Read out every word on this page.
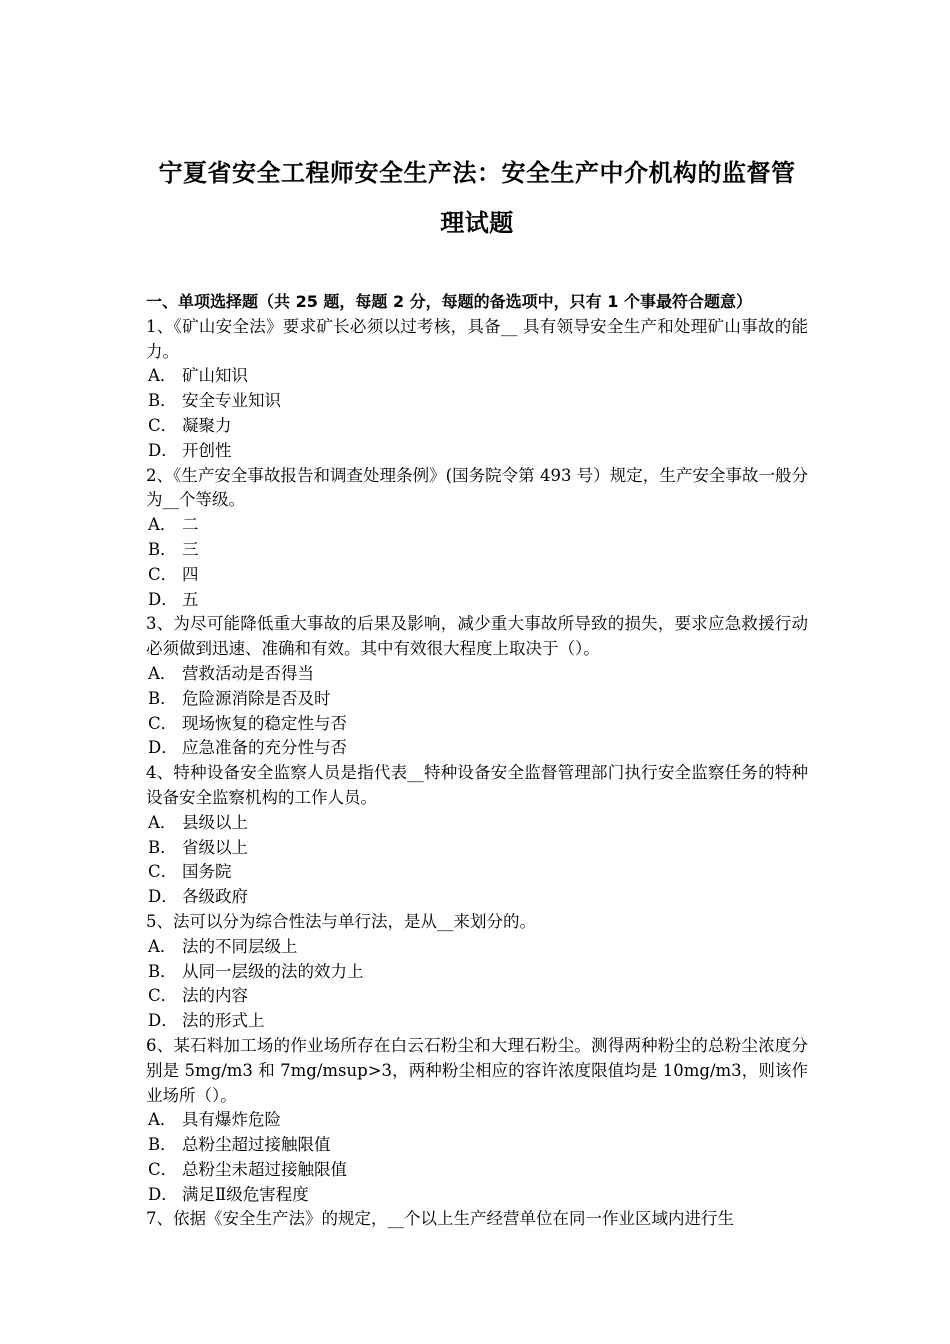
宁夏省安全工程师安全生产法：安全生产中介机构的监督管
理试题

一、单项选择题（共 25 题，每题 2 分，每题的备选项中，只有 1 个事最符合题意）

1、《矿山安全法》要求矿长必须以过考核，具备__ 具有领导安全生产和处理矿山事故的能力。

A． 矿山知识

B． 安全专业知识

C． 凝聚力

D． 开创性

2、《生产安全事故报告和调查处理条例》(国务院令第 493 号）规定，生产安全事故一般分为__个等级。

A． 二

B． 三

C． 四

D． 五

3、为尽可能降低重大事故的后果及影响，减少重大事故所导致的损失，要求应急救援行动必须做到迅速、准确和有效。其中有效很大程度上取决于（）。

A． 营救活动是否得当

B． 危险源消除是否及时

C． 现场恢复的稳定性与否

D． 应急准备的充分性与否

4、特种设备安全监察人员是指代表__特种设备安全监督管理部门执行安全监察任务的特种设备安全监察机构的工作人员。

A． 县级以上

B． 省级以上

C． 国务院

D． 各级政府

5、法可以分为综合性法与单行法，是从__来划分的。

A． 法的不同层级上

B． 从同一层级的法的效力上

C． 法的内容

D． 法的形式上

6、某石料加工场的作业场所存在白云石粉尘和大理石粉尘。测得两种粉尘的总粉尘浓度分别是 5mg/m3 和 7mg/msup>3，两种粉尘相应的容许浓度限值均是 10mg/m3，则该作业场所（）。

A． 具有爆炸危险

B． 总粉尘超过接触限值

C． 总粉尘未超过接触限值

D． 满足Ⅱ级危害程度

7、依据《安全生产法》的规定，__个以上生产经营单位在同一作业区域内进行生
